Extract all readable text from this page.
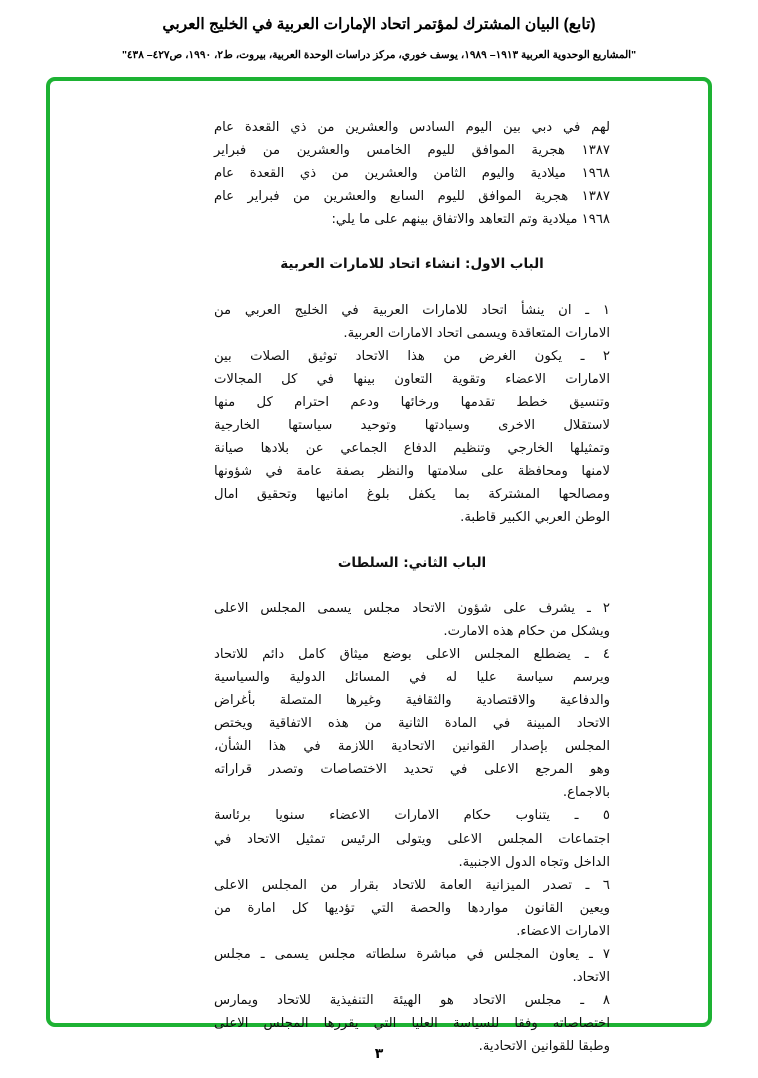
(تابع) البيان المشترك لمؤتمر اتحاد الإمارات العربية في الخليج العربي
"المشاريع الوحدوية العربية ١٩١٣– ١٩٨٩، يوسف خوري، مركز دراسات الوحدة العربية، بيروت، ط٢، ١٩٩٠، ص٤٢٧– ٤٣٨"
لهم في دبي بين اليوم السادس والعشرين من ذي القعدة عام
١٣٨٧ هجرية الموافق لليوم الخامس والعشرين من فبراير
١٩٦٨ ميلادية واليوم الثامن والعشرين من ذي القعدة عام
١٣٨٧ هجرية الموافق لليوم السابع والعشرين من فبراير عام
١٩٦٨ ميلادية وتم التعاهد والاتفاق بينهم على ما يلي:
الباب الاول: انشاء اتحاد للامارات العربية
١ ـ ان ينشأ اتحاد للامارات العربية في الخليج العربي من
الامارات المتعاقدة ويسمى اتحاد الامارات العربية.
٢ ـ يكون الغرض من هذا الاتحاد توثيق الصلات بين
الامارات الاعضاء وتقوية التعاون بينها في كل المجالات
وتنسيق خطط تقدمها ورخائها ودعم احترام كل منها
لاستقلال الاخرى وسيادتها وتوحيد سياستها الخارجية
وتمثيلها الخارجي وتنظيم الدفاع الجماعي عن بلادها صيانة
لامنها ومحافظة على سلامتها والنظر بصفة عامة في شؤونها
ومصالحها المشتركة بما يكفل بلوغ امانيها وتحقيق امال
الوطن العربي الكبير قاطبة.
الباب الثاني: السلطات
٢ ـ يشرف على شؤون الاتحاد مجلس يسمى المجلس الاعلى
ويشكل من حكام هذه الامارت.
٤ ـ يضطلع المجلس الاعلى بوضع ميثاق كامل دائم للاتحاد
ويرسم سياسة عليا له في المسائل الدولية والسياسية
والدفاعية والاقتصادية والثقافية وغيرها المتصلة بأغراض
الاتحاد المبينة في المادة الثانية من هذه الاتفاقية ويختص
المجلس بإصدار القوانين الاتحادية اللازمة في هذا الشأن،
وهو المرجع الاعلى في تحديد الاختصاصات وتصدر قراراته
بالاجماع.
٥ ـ يتناوب حكام الامارات الاعضاء سنويا برئاسة
اجتماعات المجلس الاعلى ويتولى الرئيس تمثيل الاتحاد في
الداخل وتجاه الدول الاجنبية.
٦ ـ تصدر الميزانية العامة للاتحاد بقرار من المجلس الاعلى
ويعين القانون مواردها والحصة التي تؤديها كل امارة من
الامارات الاعضاء.
٧ ـ يعاون المجلس في مباشرة سلطاته مجلس يسمى ـ مجلس
الاتحاد.
٨ ـ مجلس الاتحاد هو الهيئة التنفيذية للاتحاد ويمارس
اختصاصاته وفقا للسياسة العليا التي يقررها المجلس الاعلى
وطبقا للقوانين الاتحادية.
٣
